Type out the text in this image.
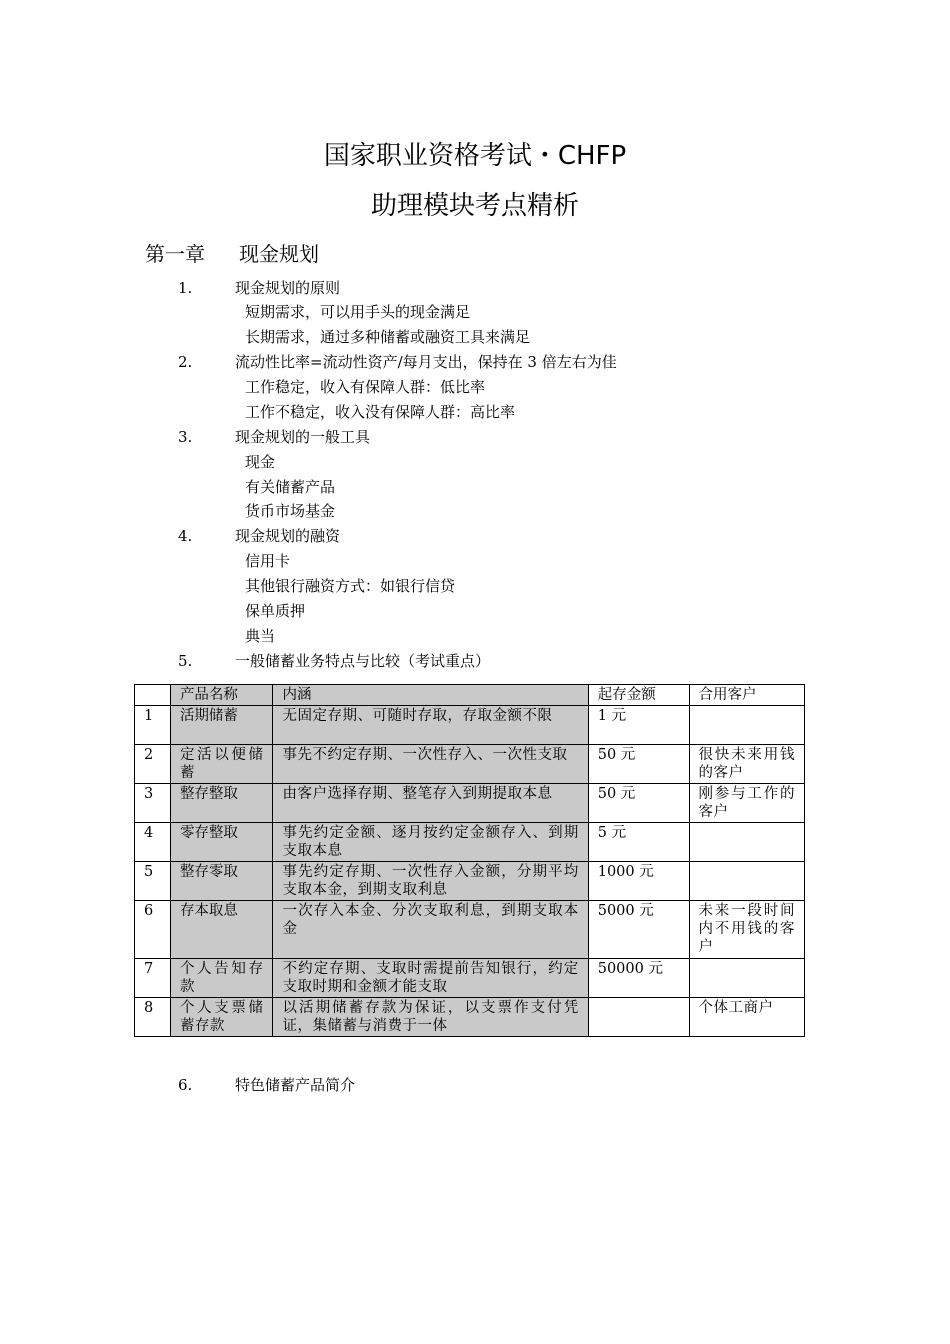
国家职业资格考试・CHFP
助理模块考点精析
第一章 现金规划
1.	现金规划的原则
短期需求，可以用手头的现金满足
长期需求，通过多种储蓄或融资工具来满足
2.	流动性比率=流动性资产/每月支出，保持在 3 倍左右为佳
工作稳定，收入有保障人群：低比率
工作不稳定，收入没有保障人群：高比率
3.	现金规划的一般工具
现金
有关储蓄产品
货币市场基金
4.	现金规划的融资
信用卡
其他银行融资方式：如银行信贷
保单质押
典当
5.	一般储蓄业务特点与比较（考试重点）
	产品名称	内涵	起存金额	合用客户
1	活期储蓄	无固定存期、可随时存取，存取金额不限	1 元	
2	定活以便储蓄	事先不约定存期、一次性存入、一次性支取	50 元	很快未来用钱的客户
3	整存整取	由客户选择存期、整笔存入到期提取本息	50 元	刚参与工作的客户
4	零存整取	事先约定金额、逐月按约定金额存入、到期支取本息	5 元	
5	整存零取	事先约定存期、一次性存入金额，分期平均支取本金，到期支取利息	1000 元	
6	存本取息	一次存入本金、分次支取利息，到期支取本金	5000 元	未来一段时间内不用钱的客户
7	个人告知存款	不约定存期、支取时需提前告知银行，约定支取时期和金额才能支取	50000 元	
8	个人支票储蓄存款	以活期储蓄存款为保证，以支票作支付凭证，集储蓄与消费于一体		个体工商户
6.	特色储蓄产品简介
